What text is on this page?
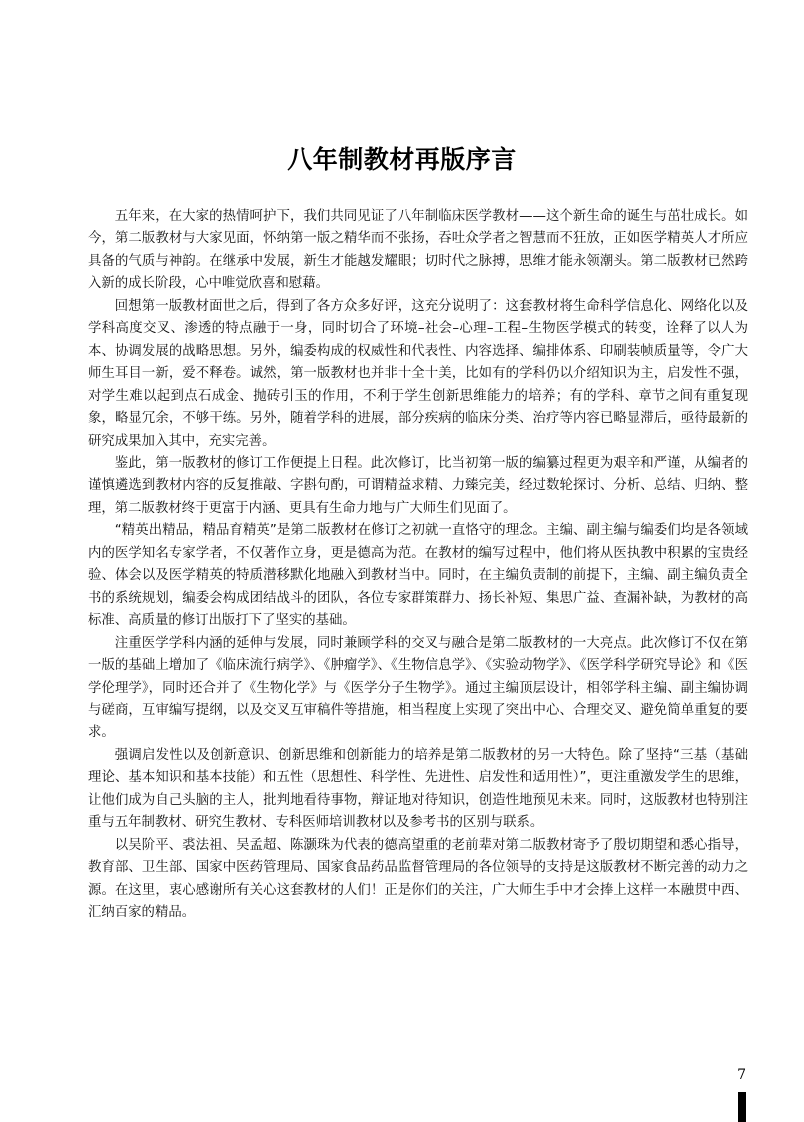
八年制教材再版序言

五年来，在大家的热情呵护下，我们共同见证了八年制临床医学教材——这个新生命的诞生与茁壮成长。如今，第二版教材与大家见面，怀纳第一版之精华而不张扬，吞吐众学者之智慧而不狂放，正如医学精英人才所应具备的气质与神韵。在继承中发展，新生才能越发耀眼；切时代之脉搏，思维才能永领潮头。第二版教材已然跨入新的成长阶段，心中唯觉欣喜和慰藉。

回想第一版教材面世之后，得到了各方众多好评，这充分说明了：这套教材将生命科学信息化、网络化以及学科高度交叉、渗透的特点融于一身，同时切合了环境–社会–心理–工程–生物医学模式的转变，诠释了以人为本、协调发展的战略思想。另外，编委构成的权威性和代表性、内容选择、编排体系、印刷装帧质量等，令广大师生耳目一新，爱不释卷。诚然，第一版教材也并非十全十美，比如有的学科仍以介绍知识为主，启发性不强，对学生难以起到点石成金、抛砖引玉的作用，不利于学生创新思维能力的培养；有的学科、章节之间有重复现象，略显冗余，不够干练。另外，随着学科的进展，部分疾病的临床分类、治疗等内容已略显滞后，亟待最新的研究成果加入其中，充实完善。

鉴此，第一版教材的修订工作便提上日程。此次修订，比当初第一版的编纂过程更为艰辛和严谨，从编者的谨慎遴选到教材内容的反复推敲、字斟句酌，可谓精益求精、力臻完美，经过数轮探讨、分析、总结、归纳、整理，第二版教材终于更富于内涵、更具有生命力地与广大师生们见面了。

“精英出精品，精品育精英”是第二版教材在修订之初就一直恪守的理念。主编、副主编与编委们均是各领域内的医学知名专家学者，不仅著作立身，更是德高为范。在教材的编写过程中，他们将从医执教中积累的宝贵经验、体会以及医学精英的特质潜移默化地融入到教材当中。同时，在主编负责制的前提下，主编、副主编负责全书的系统规划，编委会构成团结战斗的团队，各位专家群策群力、扬长补短、集思广益、查漏补缺，为教材的高标准、高质量的修订出版打下了坚实的基础。

注重医学学科内涵的延伸与发展，同时兼顾学科的交叉与融合是第二版教材的一大亮点。此次修订不仅在第一版的基础上增加了《临床流行病学》、《肿瘤学》、《生物信息学》、《实验动物学》、《医学科学研究导论》和《医学伦理学》，同时还合并了《生物化学》与《医学分子生物学》。通过主编顶层设计，相邻学科主编、副主编协调与磋商，互审编写提纲，以及交叉互审稿件等措施，相当程度上实现了突出中心、合理交叉、避免简单重复的要求。

强调启发性以及创新意识、创新思维和创新能力的培养是第二版教材的另一大特色。除了坚持“三基（基础理论、基本知识和基本技能）和五性（思想性、科学性、先进性、启发性和适用性）”，更注重激发学生的思维，让他们成为自己头脑的主人，批判地看待事物，辩证地对待知识，创造性地预见未来。同时，这版教材也特别注重与五年制教材、研究生教材、专科医师培训教材以及参考书的区别与联系。

以吴阶平、裘法祖、吴孟超、陈灏珠为代表的德高望重的老前辈对第二版教材寄予了殷切期望和悉心指导，教育部、卫生部、国家中医药管理局、国家食品药品监督管理局的各位领导的支持是这版教材不断完善的动力之源。在这里，衷心感谢所有关心这套教材的人们！正是你们的关注，广大师生手中才会捧上这样一本融贯中西、汇纳百家的精品。

7
